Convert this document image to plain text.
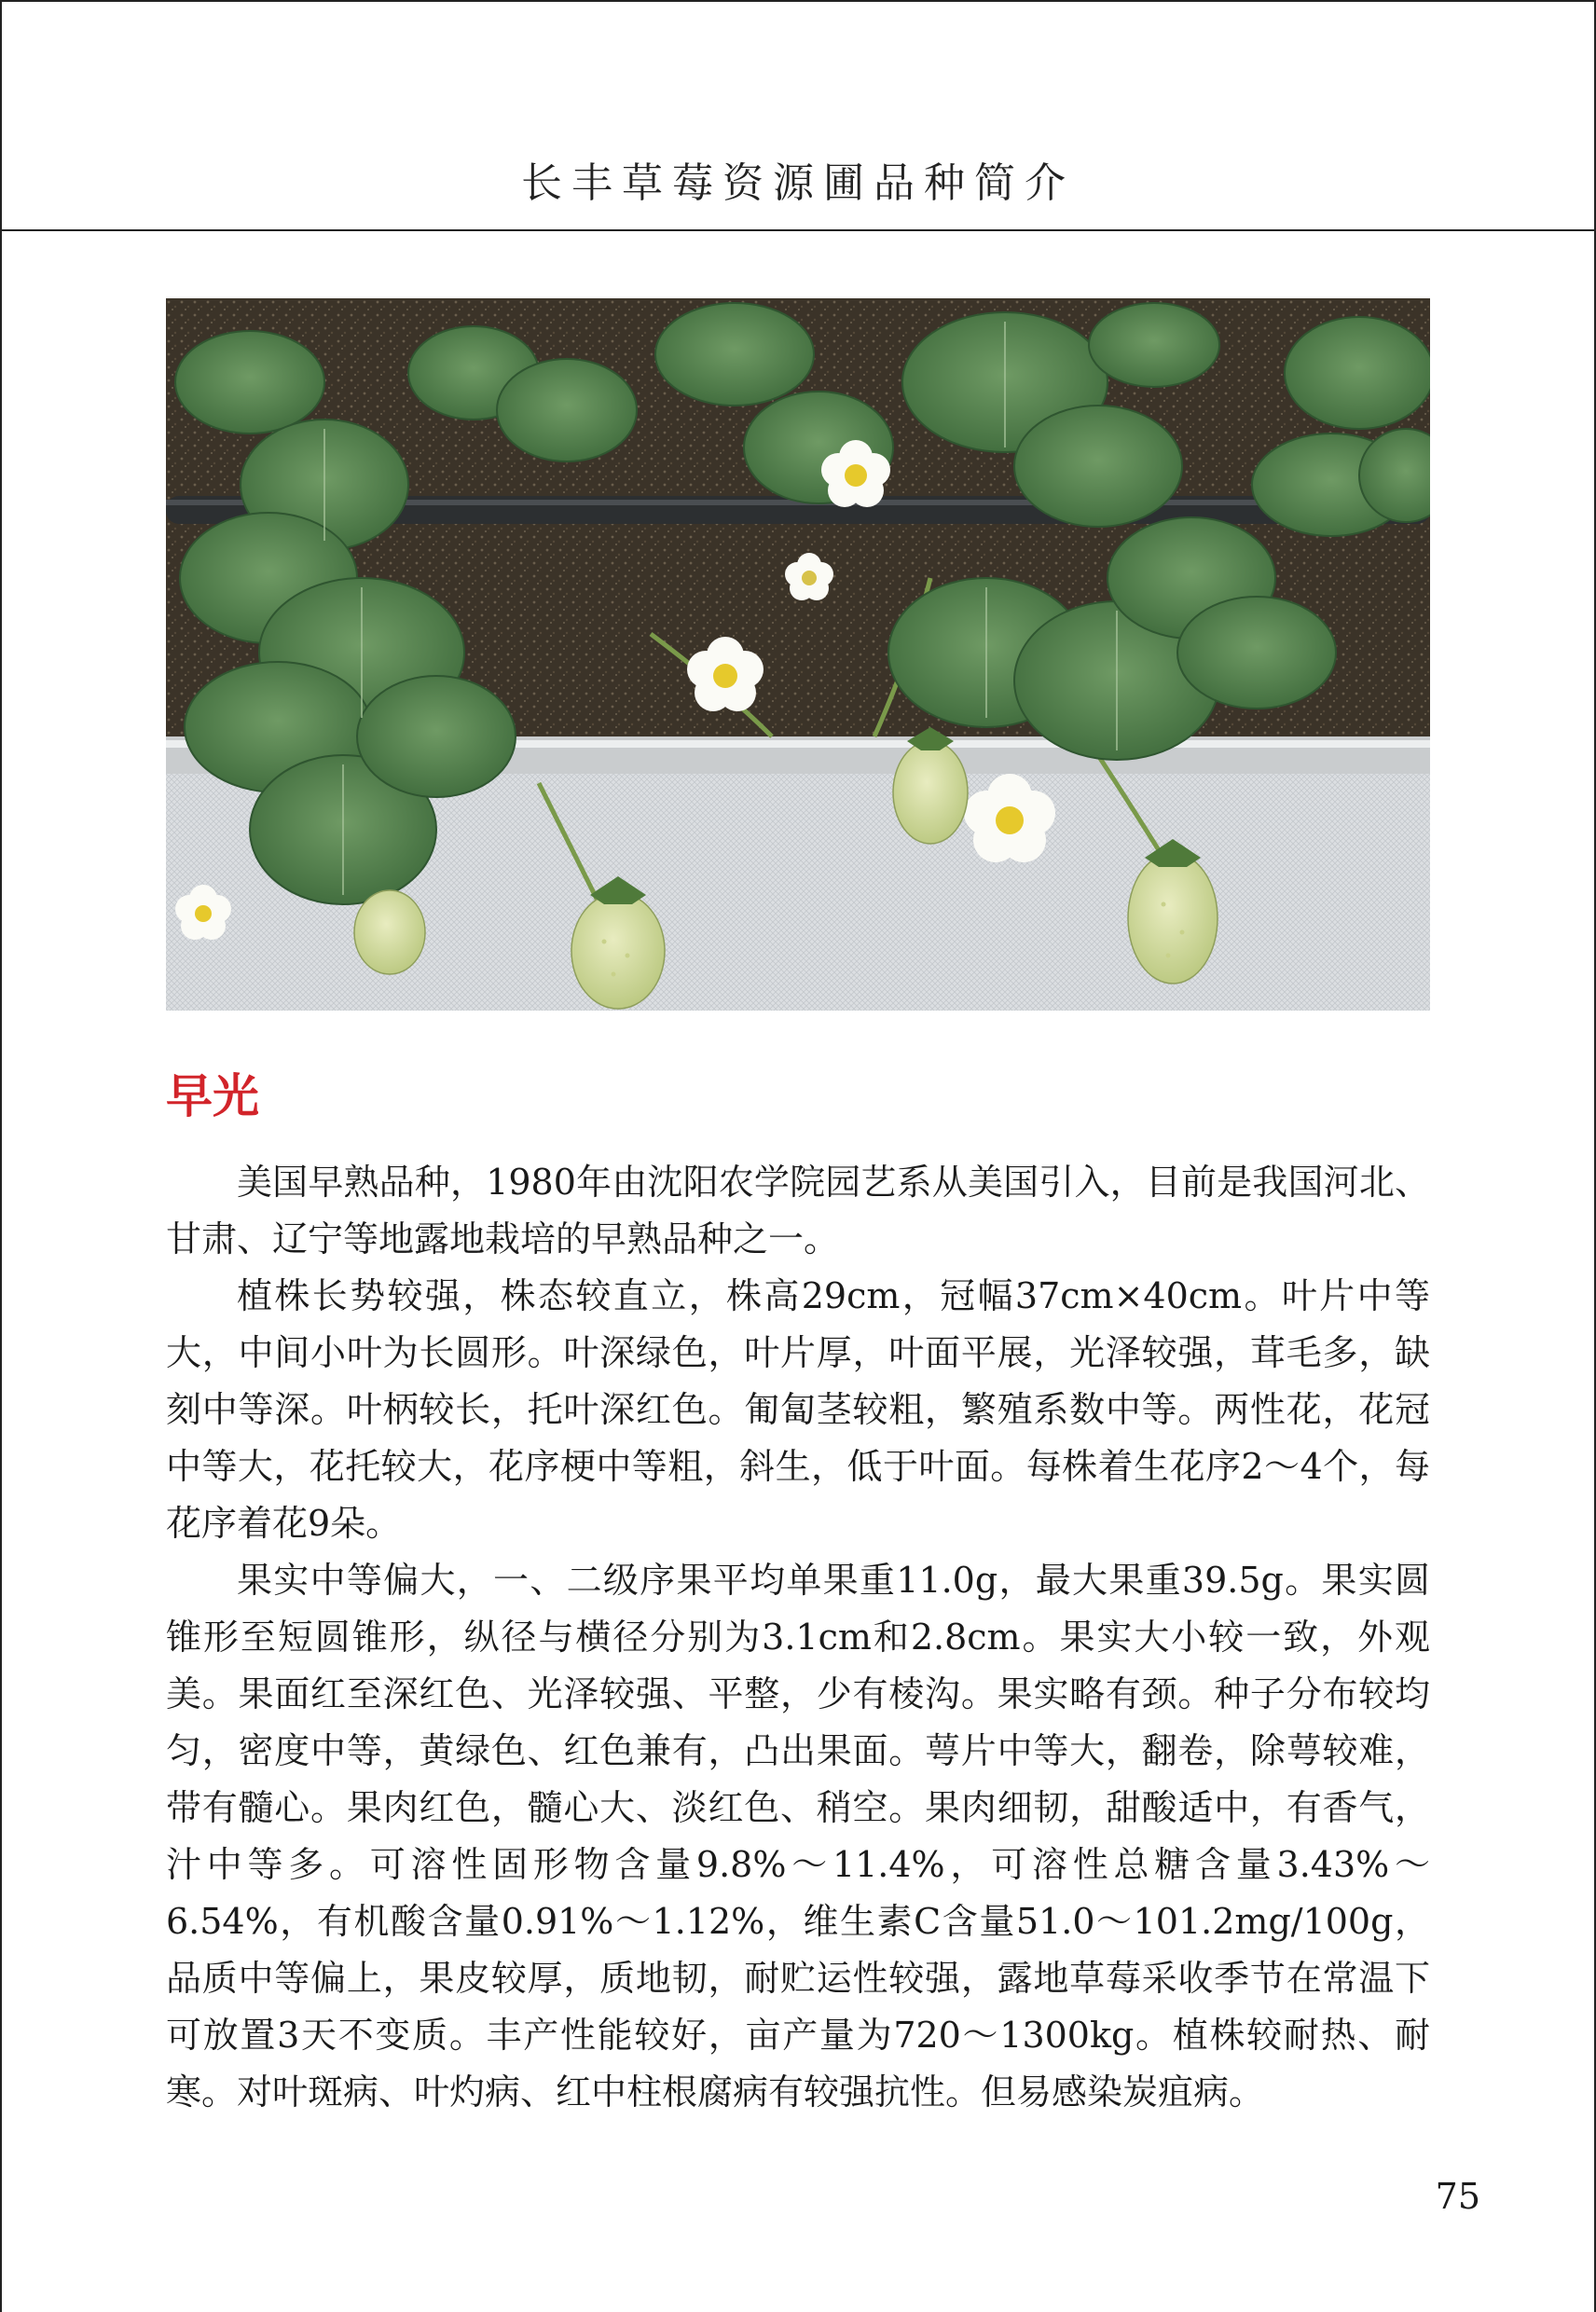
长丰草莓资源圃品种简介
早光

美国早熟品种，1980年由沈阳农学院园艺系从美国引入，目前是我国河北、甘肃、辽宁等地露地栽培的早熟品种之一。

植株长势较强，株态较直立，株高29cm，冠幅37cm×40cm。叶片中等大，中间小叶为长圆形。叶深绿色，叶片厚，叶面平展，光泽较强，茸毛多，缺刻中等深。叶柄较长，托叶深红色。匍匐茎较粗，繁殖系数中等。两性花，花冠中等大，花托较大，花序梗中等粗，斜生，低于叶面。每株着生花序2～4个，每花序着花9朵。

果实中等偏大，一、二级序果平均单果重11.0g，最大果重39.5g。果实圆锥形至短圆锥形，纵径与横径分别为3.1cm和2.8cm。果实大小较一致，外观美。果面红至深红色、光泽较强、平整，少有棱沟。果实略有颈。种子分布较均匀，密度中等，黄绿色、红色兼有，凸出果面。萼片中等大，翻卷，除萼较难，带有髓心。果肉红色，髓心大、淡红色、稍空。果肉细韧，甜酸适中，有香气，汁中等多。可溶性固形物含量9.8%～11.4%，可溶性总糖含量3.43%～6.54%，有机酸含量0.91%～1.12%，维生素C含量51.0～101.2mg/100g，品质中等偏上，果皮较厚，质地韧，耐贮运性较强，露地草莓采收季节在常温下可放置3天不变质。丰产性能较好，亩产量为720～1300kg。植株较耐热、耐寒。对叶斑病、叶灼病、红中柱根腐病有较强抗性。但易感染炭疽病。

75
